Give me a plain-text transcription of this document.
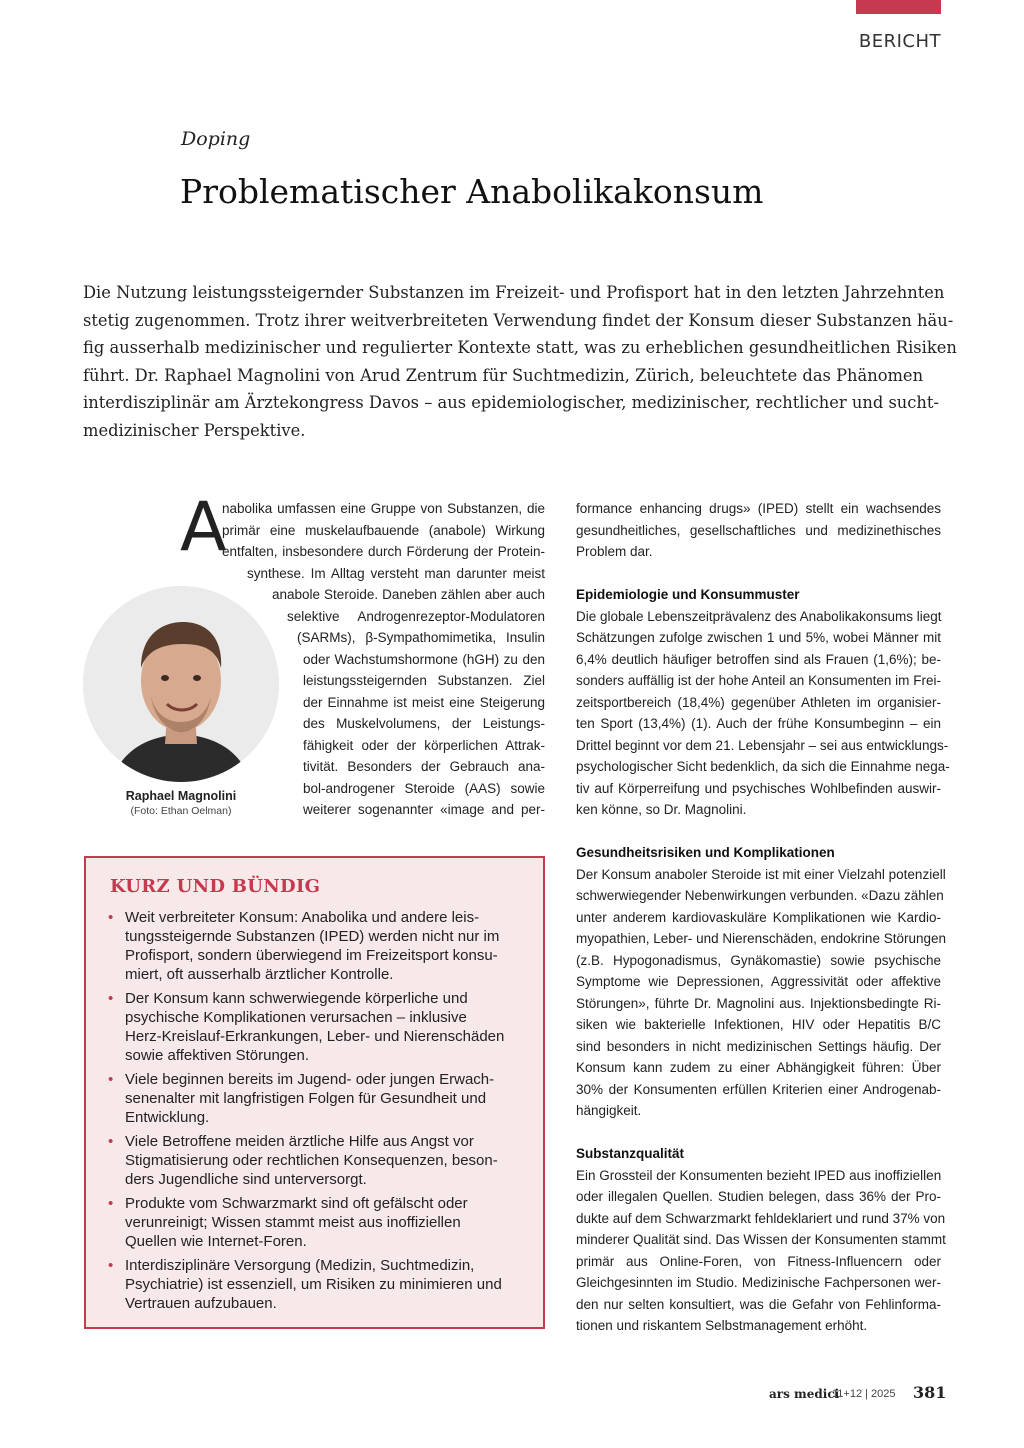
BERICHT
Doping
Problematischer Anabolikakonsum
Die Nutzung leistungssteigernder Substanzen im Freizeit- und Profisport hat in den letzten Jahrzehnten
stetig zugenommen. Trotz ihrer weitverbreiteten Verwendung findet der Konsum dieser Substanzen häu-
fig ausserhalb medizinischer und regulierter Kontexte statt, was zu erheblichen gesundheitlichen Risiken
führt. Dr. Raphael Magnolini von Arud Zentrum für Suchtmedizin, Zürich, beleuchtete das Phänomen
interdisziplinär am Ärztekongress Davos – aus epidemiologischer, medizinischer, rechtlicher und sucht-
medizinischer Perspektive.
Raphael Magnolini
(Foto: Ethan Oelman)
A
nabolika umfassen eine Gruppe von Substanzen, die
primär eine muskelaufbauende (anabole) Wirkung
entfalten, insbesondere durch Förderung der Protein-
synthese. Im Alltag versteht man darunter meist
anabole Steroide. Daneben zählen aber auch
selektive Androgenrezeptor-Modulatoren
(SARMs), β-Sympathomimetika, Insulin
oder Wachstumshormone (hGH) zu den
leistungssteigernden Substanzen. Ziel
der Einnahme ist meist eine Steigerung
des Muskelvolumens, der Leistungs-
fähigkeit oder der körperlichen Attrak-
tivität. Besonders der Gebrauch ana-
bol-androgener Steroide (AAS) sowie
weiterer sogenannter «image and per-
formance enhancing drugs» (IPED) stellt ein wachsendes
gesundheitliches, gesellschaftliches und medizinethisches
Problem dar.
Epidemiologie und Konsummuster
Die globale Lebenszeitprävalenz des Anabolikakonsums liegt
Schätzungen zufolge zwischen 1 und 5%, wobei Männer mit
6,4% deutlich häufiger betroffen sind als Frauen (1,6%); be-
sonders auffällig ist der hohe Anteil an Konsumenten im Frei-
zeitsportbereich (18,4%) gegenüber Athleten im organisier-
ten Sport (13,4%) (1). Auch der frühe Konsumbeginn – ein
Drittel beginnt vor dem 21. Lebensjahr – sei aus entwicklungs-
psychologischer Sicht bedenklich, da sich die Einnahme nega-
tiv auf Körperreifung und psychisches Wohlbefinden auswir-
ken könne, so Dr. Magnolini.
Gesundheitsrisiken und Komplikationen
Der Konsum anaboler Steroide ist mit einer Vielzahl potenziell
schwerwiegender Nebenwirkungen verbunden. «Dazu zählen
unter anderem kardiovaskuläre Komplikationen wie Kardio-
myopathien, Leber- und Nierenschäden, endokrine Störungen
(z.B. Hypogonadismus, Gynäkomastie) sowie psychische
Symptome wie Depressionen, Aggressivität oder affektive
Störungen», führte Dr. Magnolini aus. Injektionsbedingte Ri-
siken wie bakterielle Infektionen, HIV oder Hepatitis B/C
sind besonders in nicht medizinischen Settings häufig. Der
Konsum kann zudem zu einer Abhängigkeit führen: Über
30% der Konsumenten erfüllen Kriterien einer Androgenab-
hängigkeit.
Substanzqualität
Ein Grossteil der Konsumenten bezieht IPED aus inoffiziellen
oder illegalen Quellen. Studien belegen, dass 36% der Pro-
dukte auf dem Schwarzmarkt fehldeklariert und rund 37% von
minderer Qualität sind. Das Wissen der Konsumenten stammt
primär aus Online-Foren, von Fitness-Influencern oder
Gleichgesinnten im Studio. Medizinische Fachpersonen wer-
den nur selten konsultiert, was die Gefahr von Fehlinforma-
tionen und riskantem Selbstmanagement erhöht.
KURZ UND BÜNDIG
• Weit verbreiteter Konsum: Anabolika und andere leis-
tungssteigernde Substanzen (IPED) werden nicht nur im
Profisport, sondern überwiegend im Freizeitsport konsu-
miert, oft ausserhalb ärztlicher Kontrolle.
• Der Konsum kann schwerwiegende körperliche und
psychische Komplikationen verursachen – inklusive
Herz-Kreislauf-Erkrankungen, Leber- und Nierenschäden
sowie affektiven Störungen.
• Viele beginnen bereits im Jugend- oder jungen Erwach-
senenalter mit langfristigen Folgen für Gesundheit und
Entwicklung.
• Viele Betroffene meiden ärztliche Hilfe aus Angst vor
Stigmatisierung oder rechtlichen Konsequenzen, beson-
ders Jugendliche sind unterversorgt.
• Produkte vom Schwarzmarkt sind oft gefälscht oder
verunreinigt; Wissen stammt meist aus inoffiziellen
Quellen wie Internet-Foren.
• Interdisziplinäre Versorgung (Medizin, Suchtmedizin,
Psychiatrie) ist essenziell, um Risiken zu minimieren und
Vertrauen aufzubauen.
ars medici
11+12 | 2025 381
